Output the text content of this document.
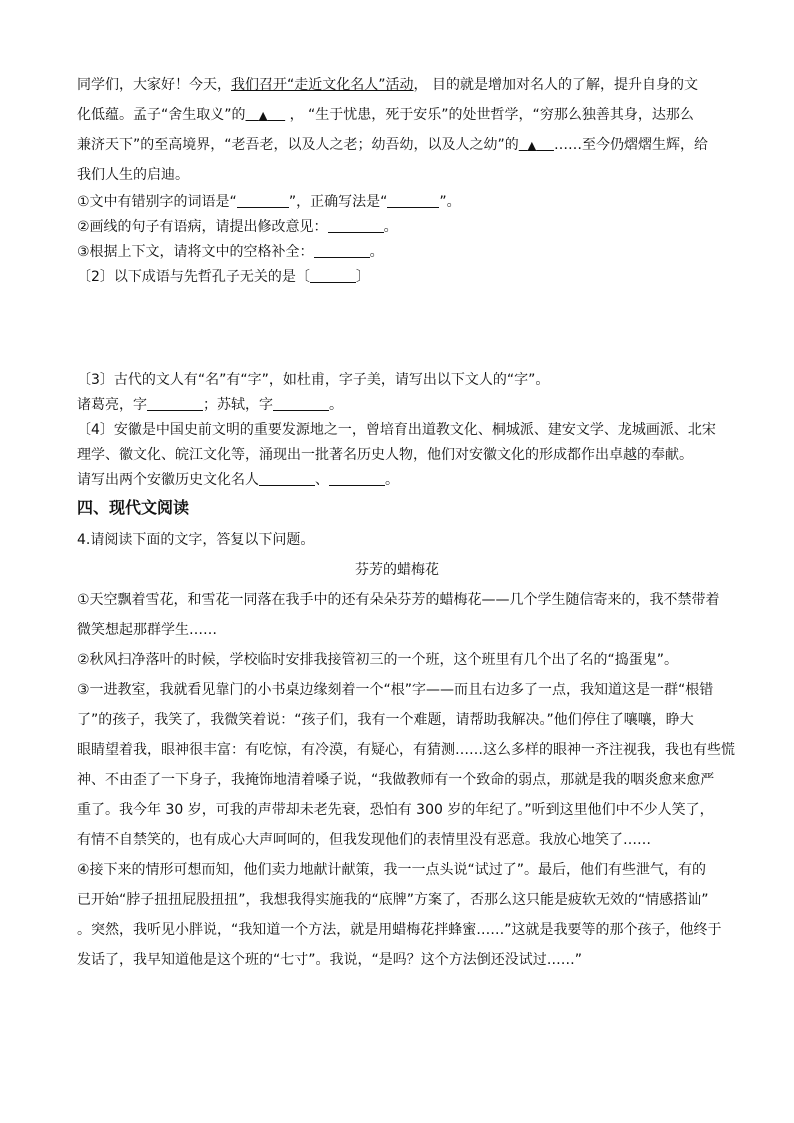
同学们，大家好！今天，我们召开“走近文化名人”活动， 目的就是增加对名人的了解，提升自身的文

化低蕴。孟子“舍生取义”的 ▲     ， “生于忧患，死于安乐”的处世哲学，“穷那么独善其身，达那么

兼济天下”的至高境界，“老吾老，以及人之老；幼吾幼，以及人之幼”的 ▲ ……至今仍熠熠生辉，给

我们人生的启迪。

①文中有错别字的词语是“	”，正确写法是“	”。

②画线的句子有语病，请提出修改意见：	。

③根据上下文，请将文中的空格补全：	。

〔2〕以下成语与先哲孔子无关的是〔	〕

〔3〕古代的文人有“名”有“字”，如杜甫，字子美，请写出以下文人的“字”。

诸葛亮，字	；苏轼，字	。

〔4〕安徽是中国史前文明的重要发源地之一，曾培育出道教文化、桐城派、建安文学、龙城画派、北宋

理学、徽文化、皖江文化等，涌现出一批著名历史人物，他们对安徽文化的形成都作出卓越的奉献。

请写出两个安徽历史文化名人	、	。

四、现代文阅读

4.请阅读下面的文字，答复以下问题。

芬芳的蜡梅花

①天空飘着雪花，和雪花一同落在我手中的还有朵朵芬芳的蜡梅花——几个学生随信寄来的，我不禁带着

微笑想起那群学生……

②秋风扫净落叶的时候，学校临时安排我接管初三的一个班，这个班里有几个出了名的“捣蛋鬼”。

③一进教室，我就看见靠门的小书桌边缘刻着一个“根”字——而且右边多了一点，我知道这是一群“根错

了”的孩子，我笑了，我微笑着说：“孩子们，我有一个难题，请帮助我解决。”他们停住了嚷嚷，睁大

眼睛望着我，眼神很丰富：有吃惊，有冷漠，有疑心，有猜测……这么多样的眼神一齐注视我，我也有些慌

神、不由歪了一下身子，我掩饰地清着嗓子说，“我做教师有一个致命的弱点，那就是我的咽炎愈来愈严

重了。我今年 30 岁，可我的声带却未老先衰，恐怕有 300 岁的年纪了。”听到这里他们中不少人笑了，

有情不自禁笑的，也有成心大声呵呵的，但我发现他们的表情里没有恶意。我放心地笑了……

④接下来的情形可想而知，他们卖力地献计献策，我一一点头说“试过了”。最后，他们有些泄气，有的

已开始“脖子扭扭屁股扭扭”，我想我得实施我的“底牌”方案了，否那么这只能是疲软无效的“情感搭讪”

。突然，我听见小胖说，“我知道一个方法，就是用蜡梅花拌蜂蜜……”这就是我要等的那个孩子，他终于

发话了，我早知道他是这个班的“七寸”。我说，“是吗？这个方法倒还没试过……”
